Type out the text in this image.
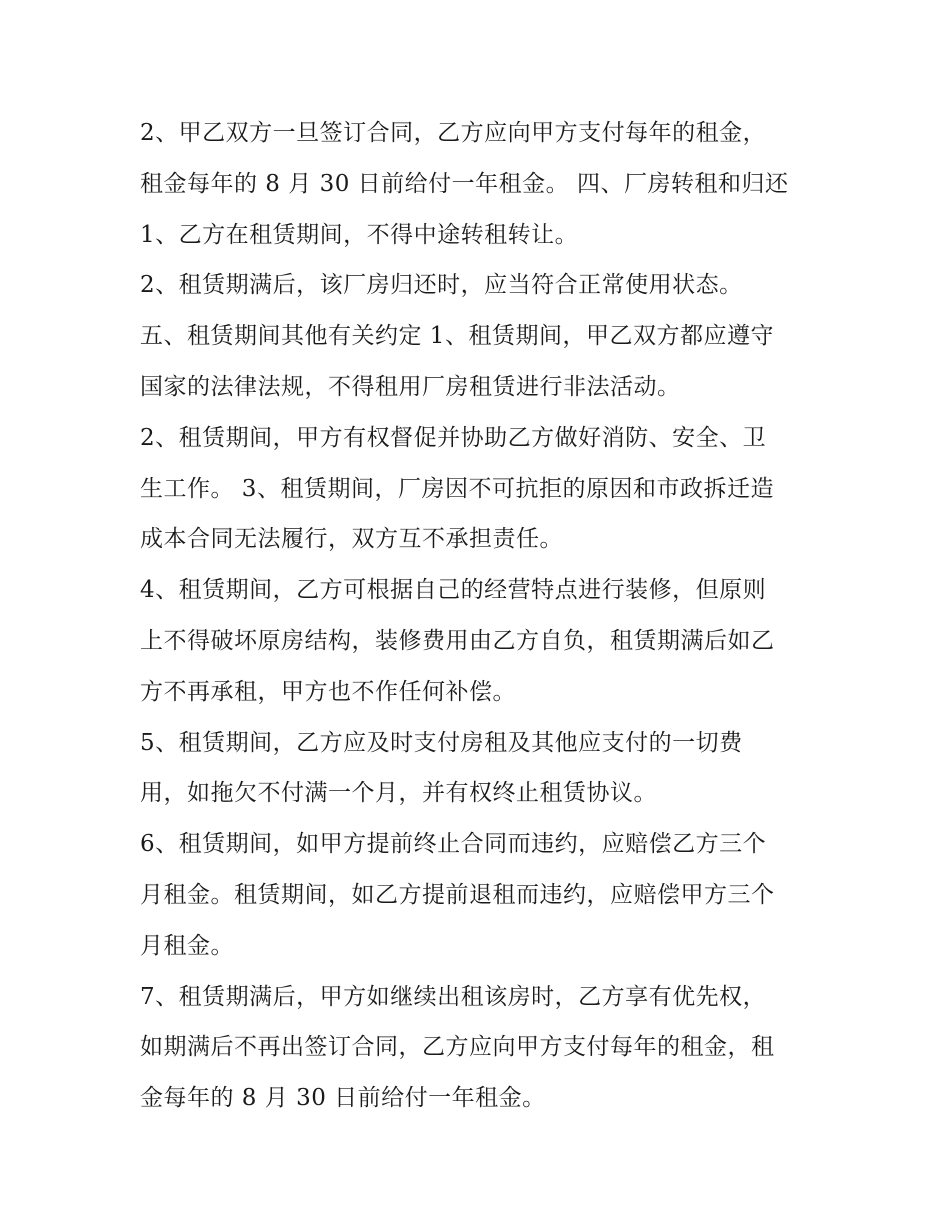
2、甲乙双方一旦签订合同，乙方应向甲方支付每年的租金，
租金每年的 8 月 30 日前给付一年租金。 四、厂房转租和归还
1、乙方在租赁期间，不得中途转租转让。
2、租赁期满后，该厂房归还时，应当符合正常使用状态。
五、租赁期间其他有关约定 1、租赁期间，甲乙双方都应遵守
国家的法律法规，不得租用厂房租赁进行非法活动。
2、租赁期间，甲方有权督促并协助乙方做好消防、安全、卫
生工作。 3、租赁期间，厂房因不可抗拒的原因和市政拆迁造
成本合同无法履行，双方互不承担责任。
4、租赁期间，乙方可根据自己的经营特点进行装修，但原则
上不得破坏原房结构，装修费用由乙方自负，租赁期满后如乙
方不再承租，甲方也不作任何补偿。
5、租赁期间，乙方应及时支付房租及其他应支付的一切费
用，如拖欠不付满一个月，并有权终止租赁协议。
6、租赁期间，如甲方提前终止合同而违约，应赔偿乙方三个
月租金。租赁期间，如乙方提前退租而违约，应赔偿甲方三个
月租金。
7、租赁期满后，甲方如继续出租该房时，乙方享有优先权，
如期满后不再出签订合同，乙方应向甲方支付每年的租金，租
金每年的 8 月 30 日前给付一年租金。
